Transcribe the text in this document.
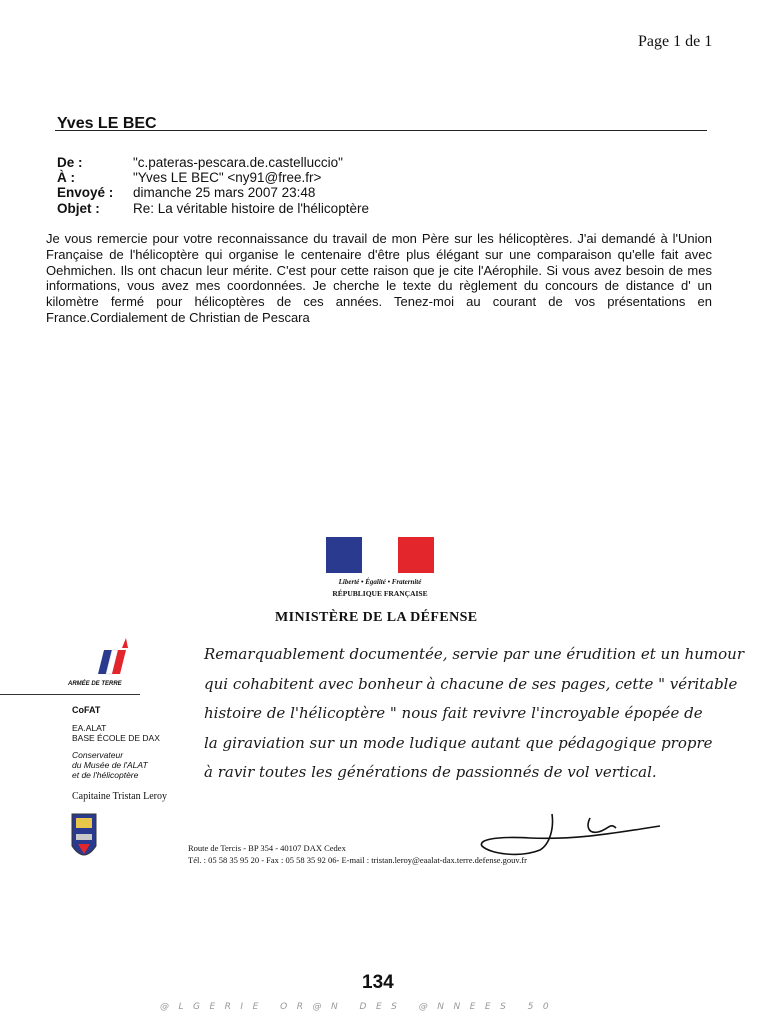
Page 1 de 1
Yves LE BEC
De :	"c.pateras-pescara.de.castelluccio"
À :	"Yves LE BEC" <ny91@free.fr>
Envoyé : dimanche 25 mars 2007 23:48
Objet : Re: La véritable histoire de l'hélicoptère
Je vous remercie pour votre reconnaissance du travail de mon Père sur les hélicoptères. J'ai demandé à l'Union Française de l'hélicoptère qui organise le centenaire d'être plus élégant sur une comparaison qu'elle fait avec Oehmichen. Ils ont chacun leur mérite. C'est pour cette raison que je cite l'Aérophile. Si vous avez besoin de mes informations, vous avez mes coordonnées. Je cherche le texte du règlement du concours de distance d' un kilomètre fermé pour hélicoptères de ces années. Tenez-moi au courant de vos présentations en France.Cordialement de Christian de Pescara
Liberté • Égalité • Fraternité
RÉPUBLIQUE FRANÇAISE
MINISTÈRE DE LA DÉFENSE
ARMÉE DE TERRE
CoFAT
EA.ALAT
BASE ÉCOLE DE DAX
Conservateur
du Musée de l'ALAT
et de l'hélicoptère
Capitaine Tristan Leroy
Remarquablement documentée, servie par une érudition et un humour
qui cohabitent avec bonheur à chacune de ses pages, cette " véritable
histoire de l'hélicoptère " nous fait revivre l'incroyable épopée de
la giraviation sur un mode ludique autant que pédagogique propre
à ravir toutes les générations de passionnés de vol vertical.
Route de Tercis - BP 354 - 40107 DAX Cedex
Tél. : 05 58 35 95 20 - Fax : 05 58 35 92 06- E-mail : tristan.leroy@eaalat-dax.terre.defense.gouv.fr
134
@LGERIE OR@N DES @NNEES 50
